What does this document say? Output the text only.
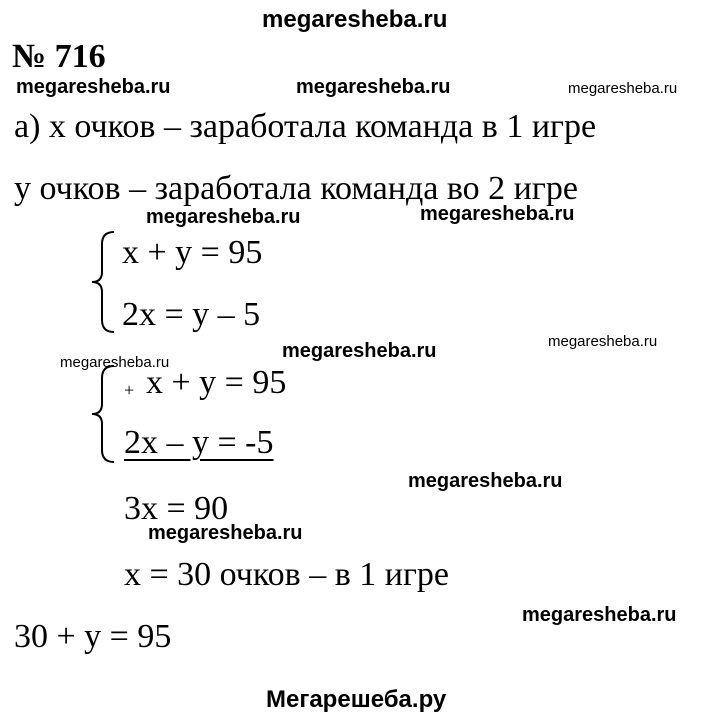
megaresheba.ru
№ 716
megaresheba.ru	megaresheba.ru	megaresheba.ru
а) x очков – заработала команда в 1 игре
y очков – заработала команда во 2 игре
megaresheba.ru	megaresheba.ru
x + y = 95
2x = y – 5
megaresheba.ru
megaresheba.ru
megaresheba.ru
+ x + y = 95
2x – y = -5
megaresheba.ru
3x = 90
megaresheba.ru
x = 30 очков – в 1 игре
megaresheba.ru
30 + y = 95
Мегарешеба.ру
